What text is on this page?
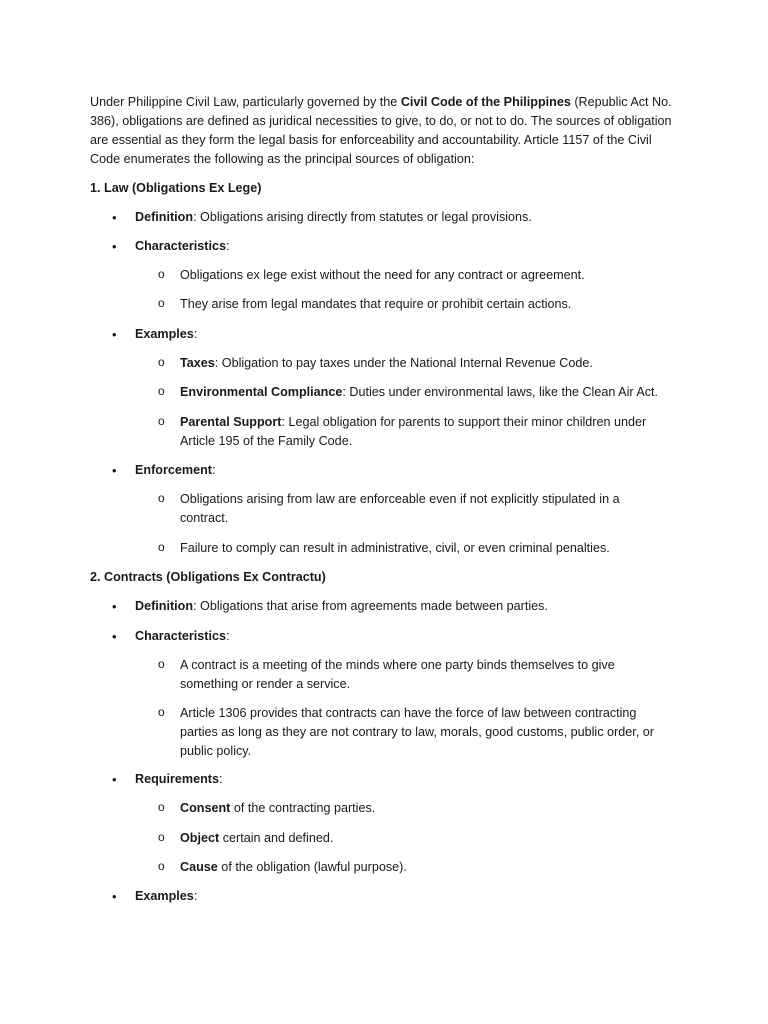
Under Philippine Civil Law, particularly governed by the Civil Code of the Philippines (Republic Act No.
386), obligations are defined as juridical necessities to give, to do, or not to do. The sources of obligation
are essential as they form the legal basis for enforceability and accountability. Article 1157 of the Civil
Code enumerates the following as the principal sources of obligation:
1. Law (Obligations Ex Lege)
• Definition: Obligations arising directly from statutes or legal provisions.
• Characteristics:
o Obligations ex lege exist without the need for any contract or agreement.
o They arise from legal mandates that require or prohibit certain actions.
• Examples:
o Taxes: Obligation to pay taxes under the National Internal Revenue Code.
o Environmental Compliance: Duties under environmental laws, like the Clean Air Act.
o Parental Support: Legal obligation for parents to support their minor children under
Article 195 of the Family Code.
• Enforcement:
o Obligations arising from law are enforceable even if not explicitly stipulated in a
contract.
o Failure to comply can result in administrative, civil, or even criminal penalties.
2. Contracts (Obligations Ex Contractu)
• Definition: Obligations that arise from agreements made between parties.
• Characteristics:
o A contract is a meeting of the minds where one party binds themselves to give
something or render a service.
o Article 1306 provides that contracts can have the force of law between contracting
parties as long as they are not contrary to law, morals, good customs, public order, or
public policy.
• Requirements:
o Consent of the contracting parties.
o Object certain and defined.
o Cause of the obligation (lawful purpose).
• Examples:
